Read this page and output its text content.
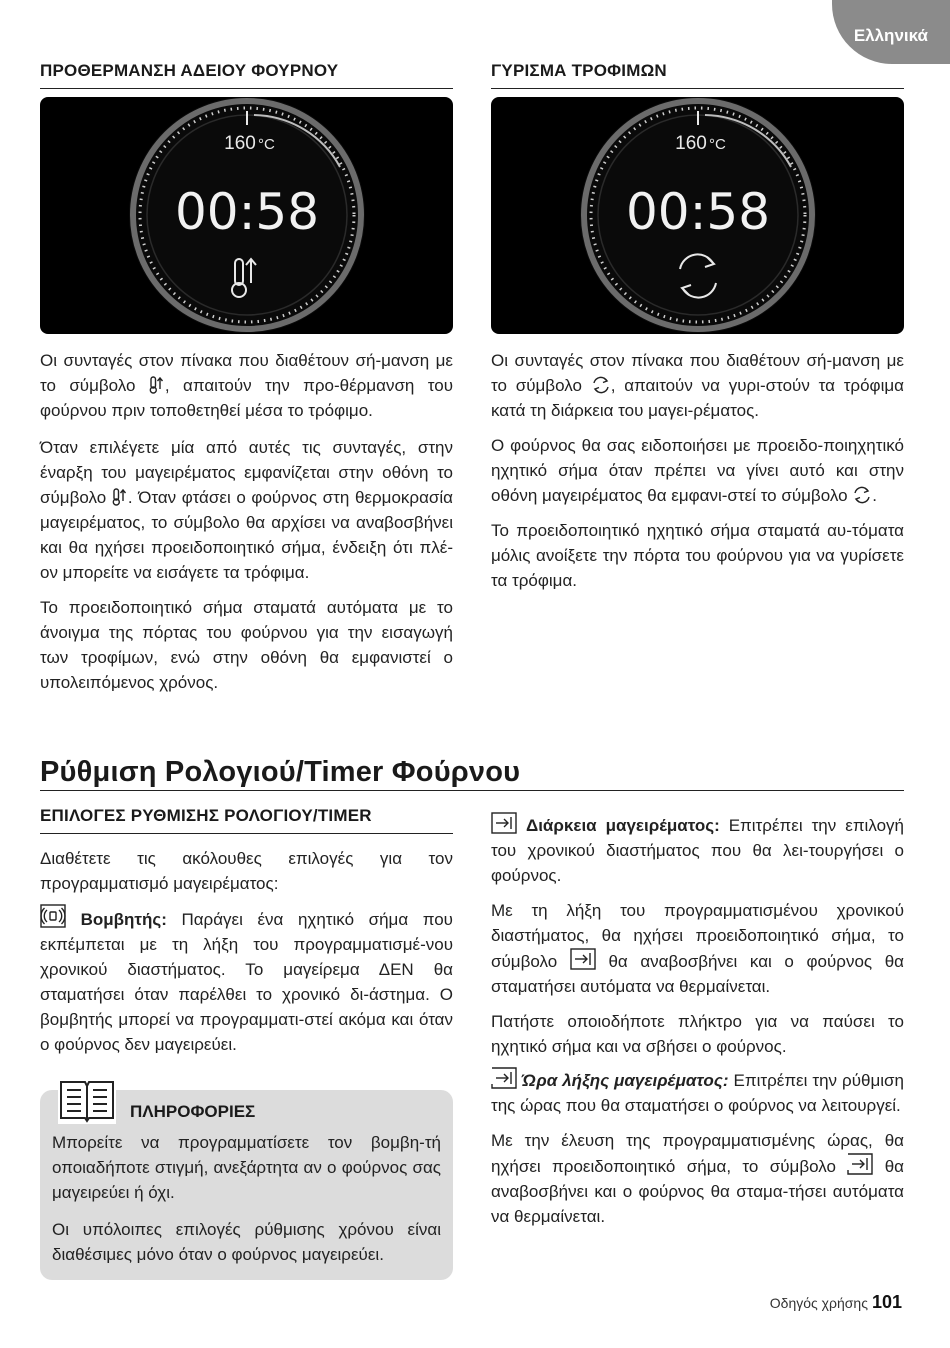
Ελληνικά
ΠΡΟΘΕΡΜΑΝΣΗ ΑΔΕΙΟΥ ΦΟΥΡΝΟΥ
160 °C
00:58

Οι συνταγές στον πίνακα που διαθέτουν σή-μανση με το σύμβολο , απαιτούν την προ-θέρμανση του φούρνου πριν τοποθετηθεί μέσα το τρόφιμο.

Όταν επιλέγετε μία από αυτές τις συνταγές, στην έναρξη του μαγειρέματος εμφανίζεται στην οθόνη το σύμβολο . Όταν φτάσει ο φούρνος στη θερμοκρασία μαγειρέματος, το σύμβολο θα αρχίσει να αναβοσβήνει και θα ηχήσει προειδοποιητικό σήμα, ένδειξη ότι πλέ-ον μπορείτε να εισάγετε τα τρόφιμα.

Το προειδοποιητικό σήμα σταματά αυτόματα με το άνοιγμα της πόρτας του φούρνου για την εισαγωγή των τροφίμων, ενώ στην οθόνη θα εμφανιστεί ο υπολειπόμενος χρόνος.

ΓΥΡΙΣΜΑ ΤΡΟΦΙΜΩΝ
160 °C
00:58

Οι συνταγές στον πίνακα που διαθέτουν σή-μανση με το σύμβολο , απαιτούν να γυρι-στούν τα τρόφιμα κατά τη διάρκεια του μαγει-ρέματος.

Ο φούρνος θα σας ειδοποιήσει με προειδο-ποιηχητικό ηχητικό σήμα όταν πρέπει να γίνει αυτό και στην οθόνη μαγειρέματος θα εμφανι-στεί το σύμβολο .

Το προειδοποιητικό ηχητικό σήμα σταματά αυ-τόματα μόλις ανοίξετε την πόρτα του φούρνου για να γυρίσετε τα τρόφιμα.

Ρύθμιση Ρολογιού/Timer Φούρνου
ΕΠΙΛΟΓΕΣ ΡΥΘΜΙΣΗΣ ΡΟΛΟΓΙΟΥ/TIMER

Διαθέτετε τις ακόλουθες επιλογές για τον προγραμματισμό μαγειρέματος:

Βομβητής: Παράγει ένα ηχητικό σήμα που εκπέμπεται με τη λήξη του προγραμματισμέ-νου χρονικού διαστήματος. Το μαγείρεμα ΔΕΝ θα σταματήσει όταν παρέλθει το χρονικό δι-άστημα. Ο βομβητής μπορεί να προγραμματι-στεί ακόμα και όταν ο φούρνος δεν μαγειρεύει.

ΠΛΗΡΟΦΟΡΙΕΣ

Μπορείτε να προγραμματίσετε τον βομβη-τή οποιαδήποτε στιγμή, ανεξάρτητα αν ο φούρνος σας μαγειρεύει ή όχι.

Οι υπόλοιπες επιλογές ρύθμισης χρόνου είναι διαθέσιμες μόνο όταν ο φούρνος μαγειρεύει.

Διάρκεια μαγειρέματος: Επιτρέπει την επιλογή του χρονικού διαστήματος που θα λει-τουργήσει ο φούρνος.

Με τη λήξη του προγραμματισμένου χρονικού διαστήματος, θα ηχήσει προειδοποιητικό σήμα, το σύμβολο  θα αναβοσβήνει και ο φούρνος θα σταματήσει αυτόματα να θερμαίνεται.

Πατήστε οποιοδήποτε πλήκτρο για να παύσει το ηχητικό σήμα και να σβήσει ο φούρνος.

Ώρα λήξης μαγειρέματος: Επιτρέπει την ρύθμιση της ώρας που θα σταματήσει ο φούρνος να λειτουργεί.

Με την έλευση της προγραμματισμένης ώρας, θα ηχήσει προειδοποιητικό σήμα, το σύμβολο  θα αναβοσβήνει και ο φούρνος θα σταμα-τήσει αυτόματα να θερμαίνεται.

Οδηγός χρήσης 101
